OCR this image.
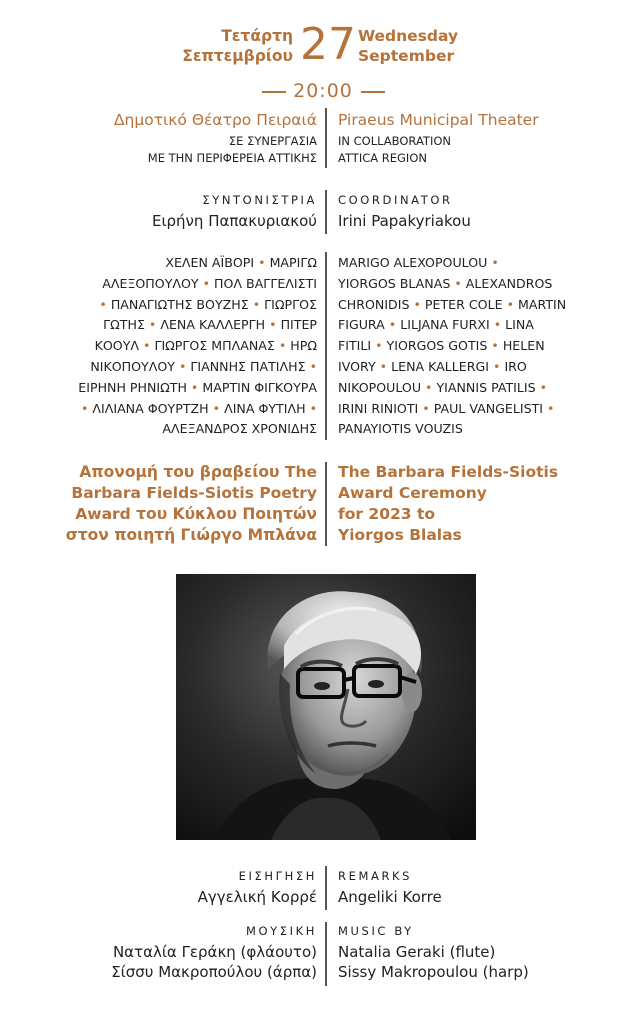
Τετάρτη
Σεπτεμβρίου 27 Wednesday
September
20:00
Δημοτικό Θέατρο Πειραιά
ΣΕ ΣΥΝΕΡΓΑΣΙΑ
ΜΕ ΤΗΝ ΠΕΡΙΦΕΡΕΙΑ ΑΤΤΙΚΗΣ
Piraeus Municipal Theater
IN COLLABORATION
ATTICA REGION
ΣΥΝΤΟΝΙΣΤΡΙΑ
Ειρήνη Παπακυριακού
COORDINATOR
Irini Papakyriakou
ΧΕΛΕΝ ΑΪΒΟΡΙ • ΜΑΡΙΓΩ
ΑΛΕΞΟΠΟΥΛΟΥ • ΠΟΛ ΒΑΓΓΕΛΙΣΤΙ
• ΠΑΝΑΓΙΩΤΗΣ ΒΟΥΖΗΣ • ΓΙΩΡΓΟΣ
ΓΩΤΗΣ • ΛΕΝΑ ΚΑΛΛΕΡΓΗ • ΠΙΤΕΡ
ΚΟΟΥΛ • ΓΙΩΡΓΟΣ ΜΠΛΑΝΑΣ • ΗΡΩ
ΝΙΚΟΠΟΥΛΟΥ • ΓΙΑΝΝΗΣ ΠΑΤΙΛΗΣ •
ΕΙΡΗΝΗ ΡΗΝΙΩΤΗ • ΜΑΡΤΙΝ ΦΙΓΚΟΥΡΑ
• ΛΙΛΙΑΝΑ ΦΟΥΡΤΖΗ • ΛΙΝΑ ΦΥΤΙΛΗ •
ΑΛΕΞΑΝΔΡΟΣ ΧΡΟΝΙΔΗΣ
MARIGO ALEXOPOULOU •
YIORGOS BLANAS • ALEXANDROS
CHRONIDIS • PETER COLE • MARTIN
FIGURA • LILJANA FURXI • LINA
FITILI • YIORGOS GOTIS • HELEN
IVORY • LENA KALLERGI • IRO
NIKOPOULOU • YIANNIS PATILIS •
IRINI RINIOTI • PAUL VANGELISTI •
PANAYIOTIS VOUZIS
Απονομή του βραβείου The
Barbara Fields-Siotis Poetry
Award του Κύκλου Ποιητών
στον ποιητή Γιώργο Μπλάνα
The Barbara Fields-Siotis
Award Ceremony
for 2023 to
Yiorgos Blalas
ΕΙΣΗΓΗΣΗ
Αγγελική Κορρέ
REMARKS
Angeliki Korre
ΜΟΥΣΙΚΗ
Ναταλία Γεράκη (φλάουτο)
Σίσσυ Μακροπούλου (άρπα)
MUSIC BY
Natalia Geraki (flute)
Sissy Makropoulou (harp)
